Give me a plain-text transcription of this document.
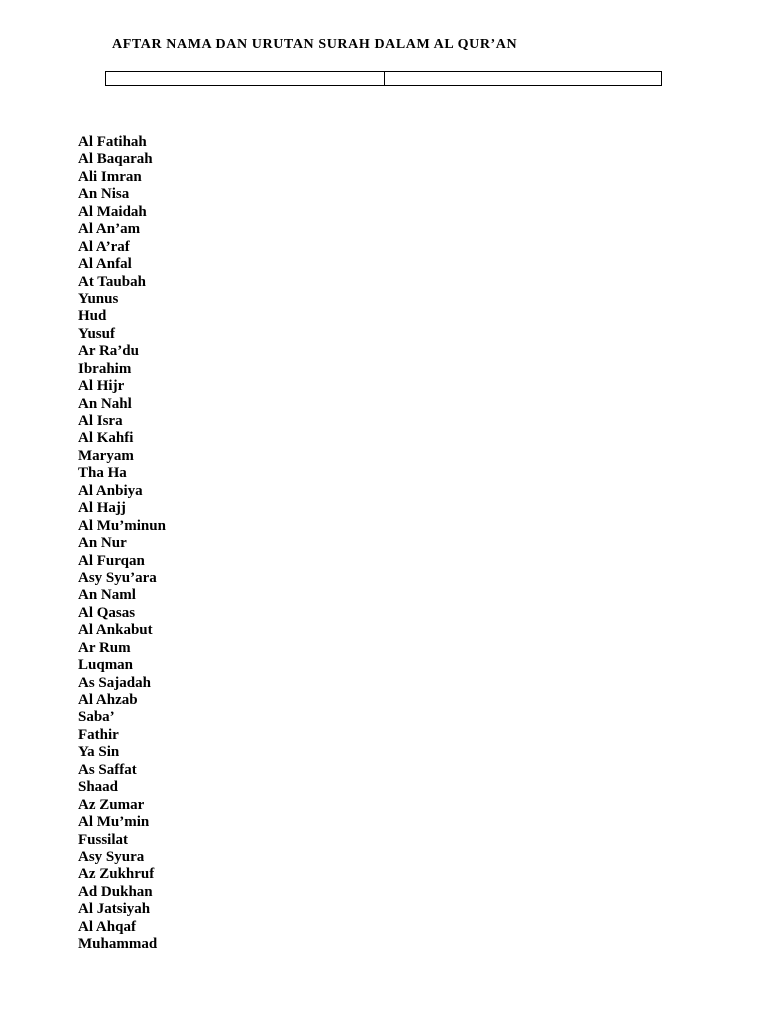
AFTAR NAMA DAN URUTAN SURAH DALAM AL QUR’AN
Al Fatihah
Al Baqarah
Ali Imran
An Nisa
Al Maidah
Al An’am
Al A’raf
Al Anfal
At Taubah
Yunus
Hud
Yusuf
Ar Ra’du
Ibrahim
Al Hijr
An Nahl
Al Isra
Al Kahfi
Maryam
Tha Ha
Al Anbiya
Al Hajj
Al Mu’minun
An Nur
Al Furqan
Asy Syu’ara
An Naml
Al Qasas
Al Ankabut
Ar Rum
Luqman
As Sajadah
Al Ahzab
Saba’
Fathir
Ya Sin
As Saffat
Shaad
Az Zumar
Al Mu’min
Fussilat
Asy Syura
Az Zukhruf
Ad Dukhan
Al Jatsiyah
Al Ahqaf
Muhammad
